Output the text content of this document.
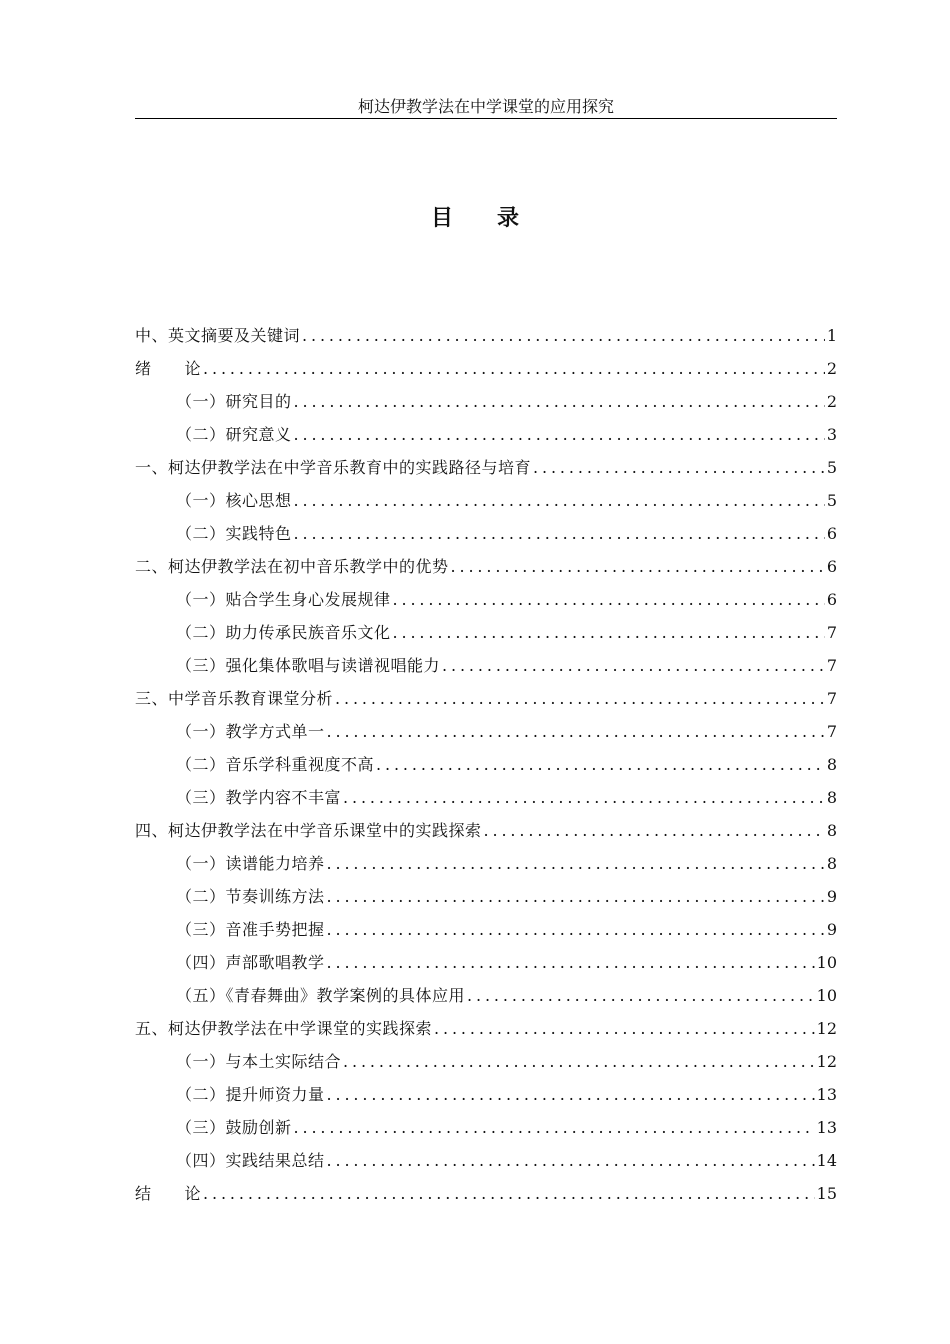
柯达伊教学法在中学课堂的应用探究
目 录
中、英文摘要及关键词 . . .	1
绪　　论 . . .	2
（一）研究目的 . . .	2
（二）研究意义 . . .	3
一、柯达伊教学法在中学音乐教育中的实践路径与培育 . . .	5
（一）核心思想 . . .	5
（二）实践特色 . . .	6
二、柯达伊教学法在初中音乐教学中的优势 . . .	6
（一）贴合学生身心发展规律 . . .	6
（二）助力传承民族音乐文化 . . .	7
（三）强化集体歌唱与读谱视唱能力 . . .	7
三、中学音乐教育课堂分析 . . .	7
（一）教学方式单一 . . .	7
（二）音乐学科重视度不高 . . .	8
（三）教学内容不丰富 . . .	8
四、柯达伊教学法在中学音乐课堂中的实践探索 . . .	8
（一）读谱能力培养 . . .	8
（二）节奏训练方法 . . .	9
（三）音准手势把握 . . .	9
（四）声部歌唱教学 . . .	10
（五）《青春舞曲》教学案例的具体应用 . . .	10
五、柯达伊教学法在中学课堂的实践探索 . . .	12
（一）与本土实际结合 . . .	12
（二）提升师资力量 . . .	13
（三）鼓励创新 . . .	13
（四）实践结果总结 . . .	14
结　　论 . . .	15
